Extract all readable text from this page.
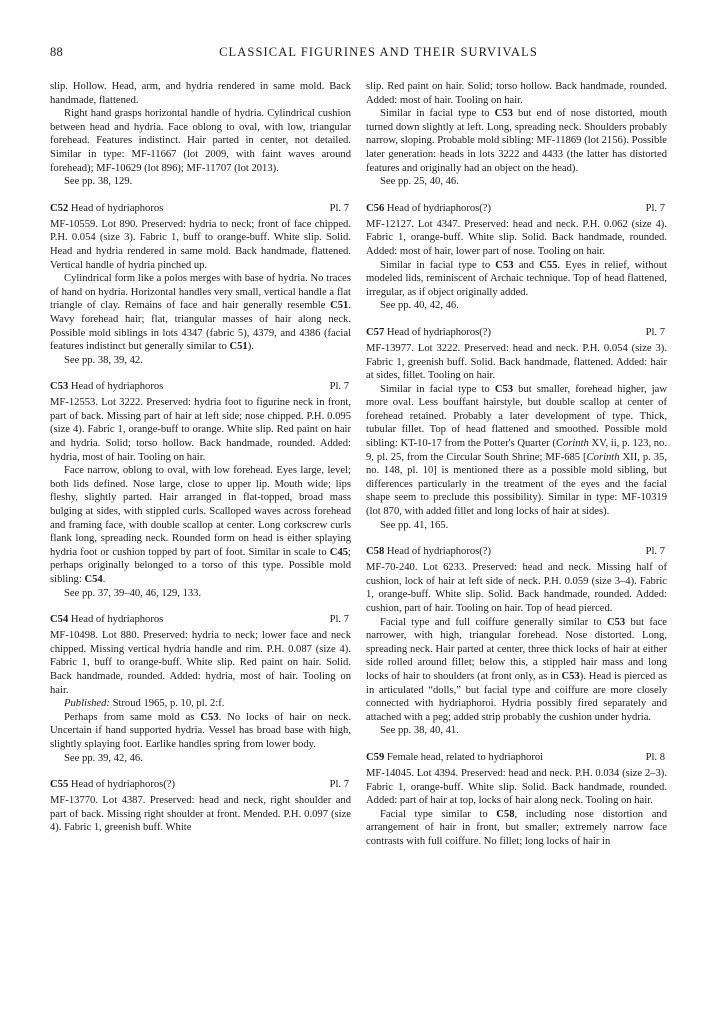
88	CLASSICAL FIGURINES AND THEIR SURVIVALS

slip. Hollow. Head, arm, and hydria rendered in same mold. Back handmade, flattened.

Right hand grasps horizontal handle of hydria. Cylindrical cushion between head and hydria. Face oblong to oval, with low, triangular forehead. Features indistinct. Hair parted in center, not detailed. Similar in type: MF-11667 (lot 2009, with faint waves around forehead); MF-10629 (lot 896); MF-11707 (lot 2013).

See pp. 38, 129.

C52 Head of hydriaphoros	Pl. 7

MF-10559. Lot 890. Preserved: hydria to neck; front of face chipped. P.H. 0.054 (size 3). Fabric 1, buff to orange-buff. White slip. Solid. Head and hydria rendered in same mold. Back handmade, flattened. Vertical handle of hydria pinched up.

Cylindrical form like a polos merges with base of hydria. No traces of hand on hydria. Horizontal handles very small, vertical handle a flat triangle of clay. Remains of face and hair generally resemble C51. Wavy forehead hair; flat, triangular masses of hair along neck. Possible mold siblings in lots 4347 (fabric 5), 4379, and 4386 (facial features indistinct but generally similar to C51).

See pp. 38, 39, 42.

C53 Head of hydriaphoros	Pl. 7

MF-12553. Lot 3222. Preserved: hydria foot to figurine neck in front, part of back. Missing part of hair at left side; nose chipped. P.H. 0.095 (size 4). Fabric 1, orange-buff to orange. White slip. Red paint on hair and hydria. Solid; torso hollow. Back handmade, rounded. Added: hydria, most of hair. Tooling on hair.

Face narrow, oblong to oval, with low forehead. Eyes large, level; both lids defined. Nose large, close to upper lip. Mouth wide; lips fleshy, slightly parted. Hair arranged in flat-topped, broad mass bulging at sides, with stippled curls. Scalloped waves across forehead and framing face, with double scallop at center. Long corkscrew curls flank long, spreading neck. Rounded form on head is either splaying hydria foot or cushion topped by part of foot. Similar in scale to C45; perhaps originally belonged to a torso of this type. Possible mold sibling: C54.

See pp. 37, 39–40, 46, 129, 133.

C54 Head of hydriaphoros	Pl. 7

MF-10498. Lot 880. Preserved: hydria to neck; lower face and neck chipped. Missing vertical hydria handle and rim. P.H. 0.087 (size 4). Fabric 1, buff to orange-buff. White slip. Red paint on hair. Solid. Back handmade, rounded. Added: hydria, most of hair. Tooling on hair.

Published: Stroud 1965, p. 10, pl. 2:f.

Perhaps from same mold as C53. No locks of hair on neck. Uncertain if hand supported hydria. Vessel has broad base with high, slightly splaying foot. Earlike handles spring from lower body.

See pp. 39, 42, 46.

C55 Head of hydriaphoros(?)	Pl. 7

MF-13770. Lot 4387. Preserved: head and neck, right shoulder and part of back. Missing right shoulder at front. Mended. P.H. 0.097 (size 4). Fabric 1, greenish buff. White

slip. Red paint on hair. Solid; torso hollow. Back handmade, rounded. Added: most of hair. Tooling on hair.

Similar in facial type to C53 but end of nose distorted, mouth turned down slightly at left. Long, spreading neck. Shoulders probably narrow, sloping. Probable mold sibling: MF-11869 (lot 2156). Possible later generation: heads in lots 3222 and 4433 (the latter has distorted features and originally had an object on the head).

See pp. 25, 40, 46.

C56 Head of hydriaphoros(?)	Pl. 7

MF-12127. Lot 4347. Preserved: head and neck. P.H. 0.062 (size 4). Fabric 1, orange-buff. White slip. Solid. Back handmade, rounded. Added: most of hair, lower part of nose. Tooling on hair.

Similar in facial type to C53 and C55. Eyes in relief, without modeled lids, reminiscent of Archaic technique. Top of head flattened, irregular, as if object originally added.

See pp. 40, 42, 46.

C57 Head of hydriaphoros(?)	Pl. 7

MF-13977. Lot 3222. Preserved: head and neck. P.H. 0.054 (size 3). Fabric 1, greenish buff. Solid. Back handmade, flattened. Added: hair at sides, fillet. Tooling on hair.

Similar in facial type to C53 but smaller, forehead higher, jaw more oval. Less bouffant hairstyle, but double scallop at center of forehead retained. Probably a later development of type. Thick, tubular fillet. Top of head flattened and smoothed. Possible mold sibling: KT-10-17 from the Potter's Quarter (Corinth XV, ii, p. 123, no. 9, pl. 25, from the Circular South Shrine; MF-685 [Corinth XII, p. 35, no. 148, pl. 10] is mentioned there as a possible mold sibling, but differences particularly in the treatment of the eyes and the facial shape seem to preclude this possibility). Similar in type: MF-10319 (lot 870, with added fillet and long locks of hair at sides).

See pp. 41, 165.

C58 Head of hydriaphoros(?)	Pl. 7

MF-70-240. Lot 6233. Preserved: head and neck. Missing half of cushion, lock of hair at left side of neck. P.H. 0.059 (size 3–4). Fabric 1, orange-buff. White slip. Solid. Back handmade, rounded. Added: cushion, part of hair. Tooling on hair. Top of head pierced.

Facial type and full coiffure generally similar to C53 but face narrower, with high, triangular forehead. Nose distorted. Long, spreading neck. Hair parted at center, three thick locks of hair at either side rolled around fillet; below this, a stippled hair mass and long locks of hair to shoulders (at front only, as in C53). Head is pierced as in articulated “dolls,” but facial type and coiffure are more closely connected with hydriaphoroi. Hydria possibly fired separately and attached with a peg; added strip probably the cushion under hydria.

See pp. 38, 40, 41.

C59 Female head, related to hydriaphoroi	Pl. 8

MF-14045. Lot 4394. Preserved: head and neck. P.H. 0.034 (size 2–3). Fabric 1, orange-buff. White slip. Solid. Back handmade, rounded. Added: part of hair at top, locks of hair along neck. Tooling on hair.

Facial type similar to C58, including nose distortion and arrangement of hair in front, but smaller; extremely narrow face contrasts with full coiffure. No fillet; long locks of hair in
